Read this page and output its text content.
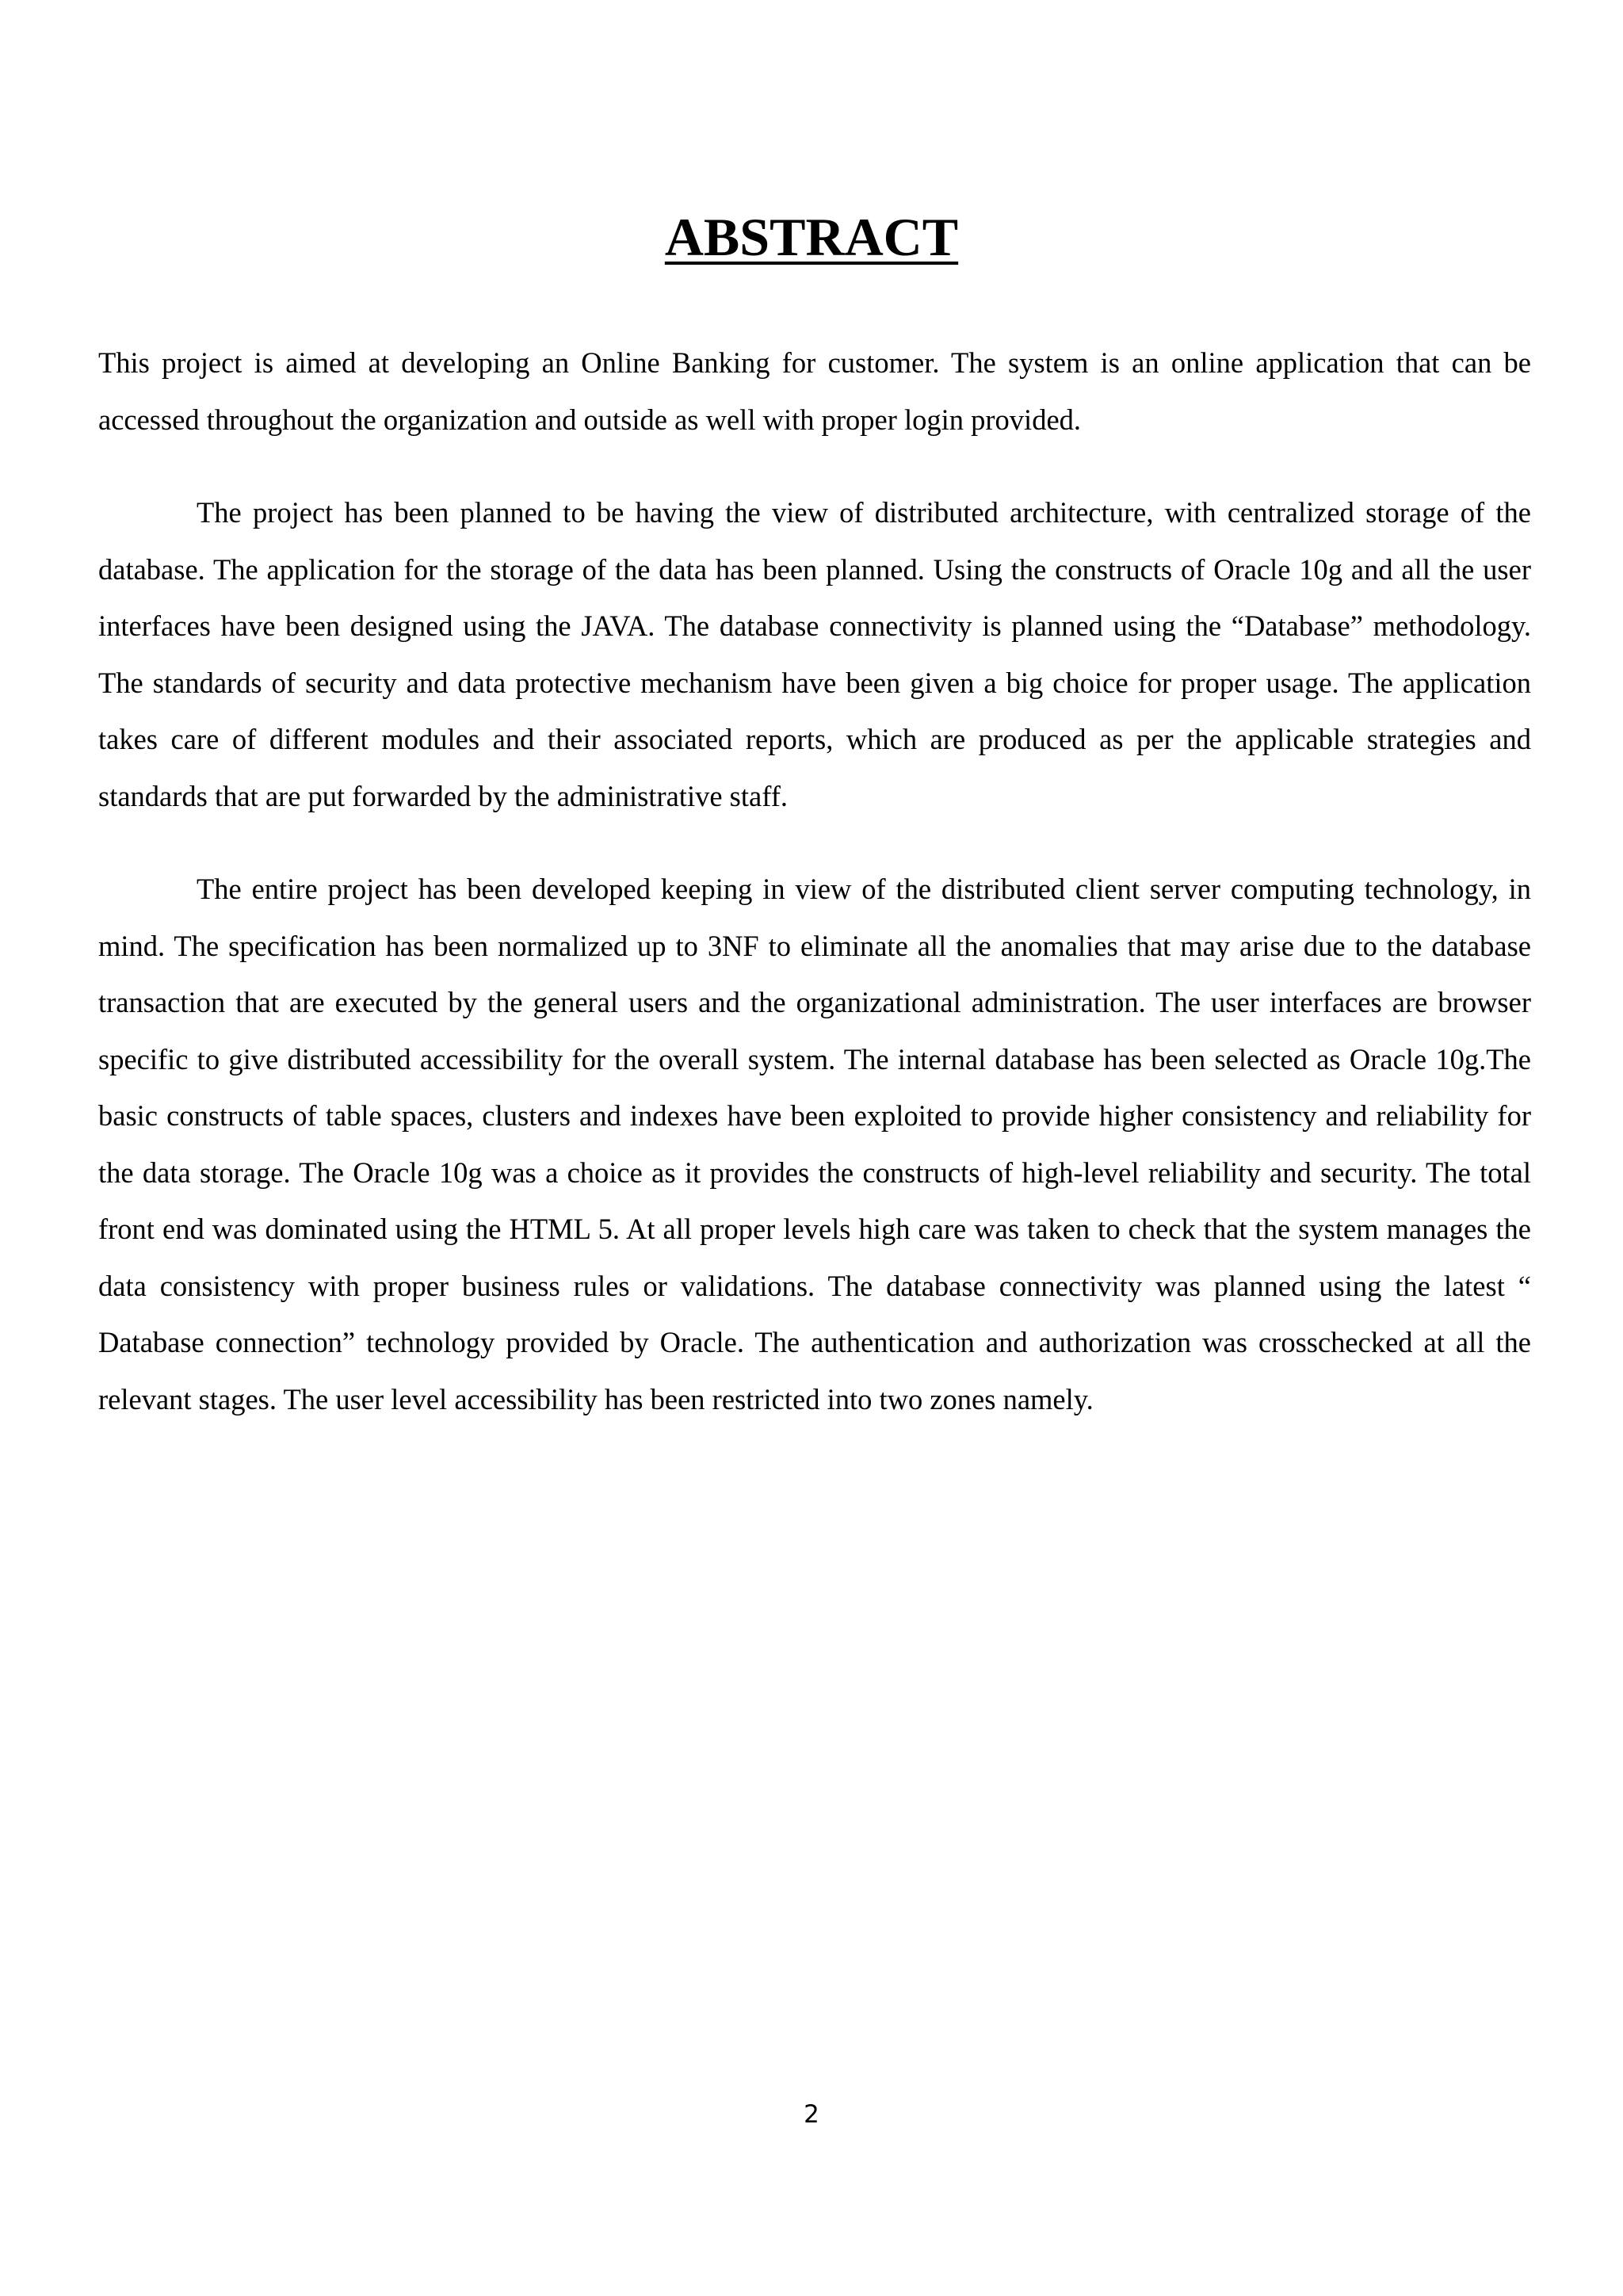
ABSTRACT

This project is aimed at developing an Online Banking for customer. The system is an online application that can be accessed throughout the organization and outside as well with proper login provided.

The project has been planned to be having the view of distributed architecture, with centralized storage of the database. The application for the storage of the data has been planned. Using the constructs of Oracle 10g and all the user interfaces have been designed using the JAVA. The database connectivity is planned using the “Database” methodology. The standards of security and data protective mechanism have been given a big choice for proper usage. The application takes care of different modules and their associated reports, which are produced as per the applicable strategies and standards that are put forwarded by the administrative staff.

The entire project has been developed keeping in view of the distributed client server computing technology, in mind. The specification has been normalized up to 3NF to eliminate all the anomalies that may arise due to the database transaction that are executed by the general users and the organizational administration. The user interfaces are browser specific to give distributed accessibility for the overall system. The internal database has been selected as Oracle 10g.The basic constructs of table spaces, clusters and indexes have been exploited to provide higher consistency and reliability for the data storage. The Oracle 10g was a choice as it provides the constructs of high-level reliability and security. The total front end was dominated using the HTML 5. At all proper levels high care was taken to check that the system manages the data consistency with proper business rules or validations. The database connectivity was planned using the latest “ Database connection” technology provided by Oracle. The authentication and authorization was crosschecked at all the relevant stages. The user level accessibility has been restricted into two zones namely.

2
